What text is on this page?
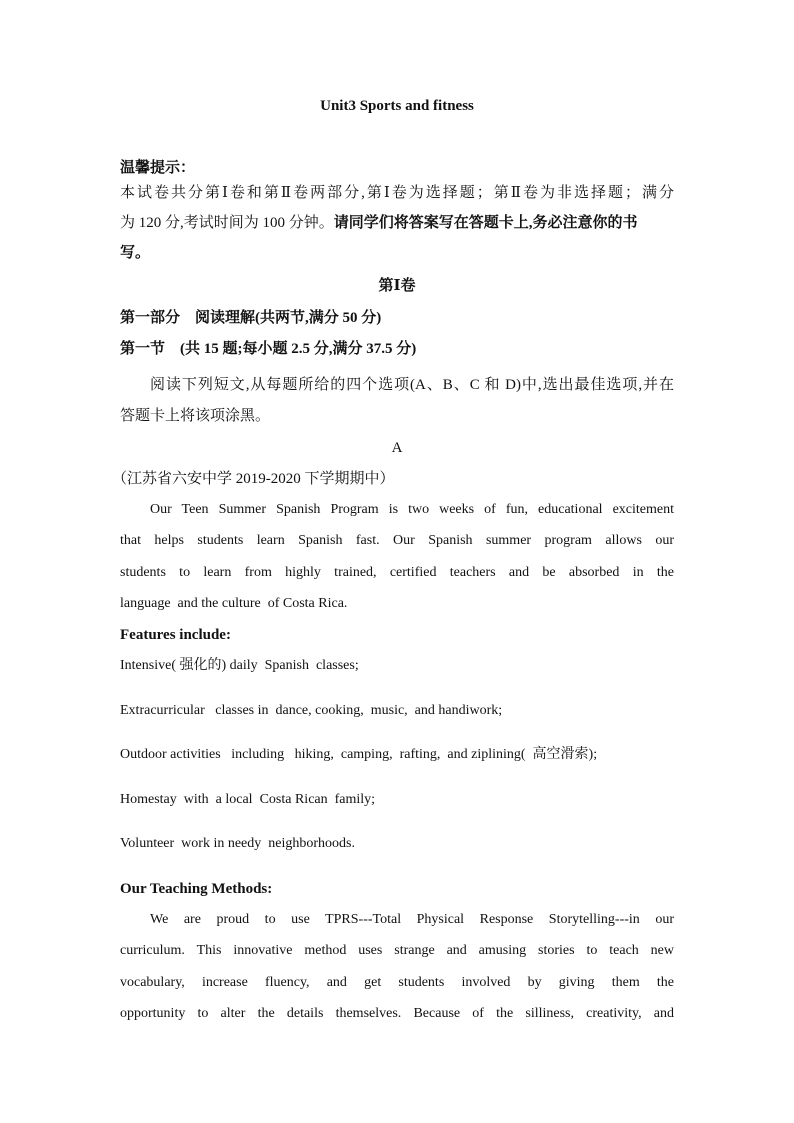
Unit3 Sports and fitness
温馨提示：
本试卷共分第Ⅰ卷和第Ⅱ卷两部分,第Ⅰ卷为选择题；第Ⅱ卷为非选择题；满分
为 120 分,考试时间为 100 分钟。请同学们将答案写在答题卡上,务必注意你的书
写。
第Ⅰ卷
第一部分    阅读理解(共两节,满分 50 分)
第一节    (共 15 题;每小题 2.5 分,满分 37.5 分)
阅读下列短文,从每题所给的四个选项(A、B、C 和 D)中,选出最佳选项,并在
答题卡上将该项涂黑。
A
（江苏省六安中学 2019-2020 下学期期中）
Our Teen Summer Spanish Program is two weeks of fun, educational excitement
that helps students learn Spanish fast. Our Spanish summer program allows our
students to learn from highly trained, certified teachers and be absorbed in the
language  and the culture  of Costa Rica.
Features include:
Intensive( 强化的) daily  Spanish  classes;
Extracurricular   classes in  dance, cooking,  music,  and handiwork;
Outdoor activities   including   hiking,  camping,  rafting,  and ziplining(  高空滑索);
Homestay  with  a local  Costa Rican  family;
Volunteer  work in needy  neighborhoods.
Our Teaching Methods:
We are proud to use TPRS---Total Physical Response Storytelling---in our
curriculum. This innovative method uses strange and amusing stories to teach new
vocabulary, increase fluency, and get students involved by giving them the
opportunity to alter the details themselves. Because of the silliness, creativity, and
